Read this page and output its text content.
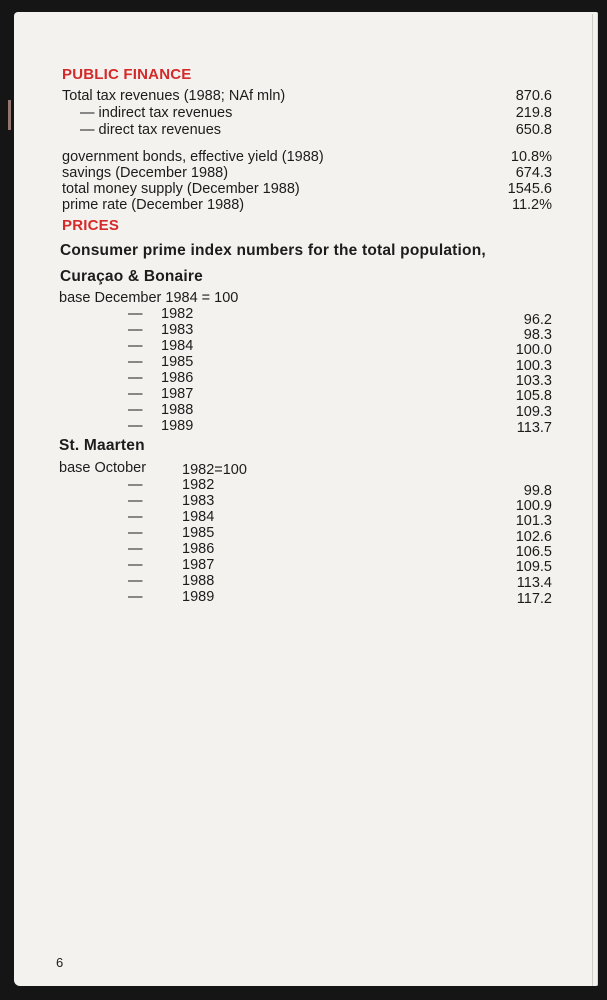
PUBLIC FINANCE
Total tax revenues (1988; NAf mln)	870.6
— indirect tax revenues	219.8
— direct tax revenues	650.8
government bonds, effective yield (1988)	10.8%
savings (December 1988)	674.3
total money supply (December 1988)	1545.6
prime rate (December 1988)	11.2%
PRICES
Consumer prime index numbers for the total population,
Curaçao & Bonaire
base December 1984 = 100
— 1982	96.2
— 1983	98.3
— 1984	100.0
— 1985	100.3
— 1986	103.3
— 1987	105.8
— 1988	109.3
— 1989	113.7
St. Maarten
base October 1982=100
—	1982	99.8
—	1983	100.9
—	1984	101.3
—	1985	102.6
—	1986	106.5
—	1987	109.5
—	1988	113.4
—	1989	117.2
6
